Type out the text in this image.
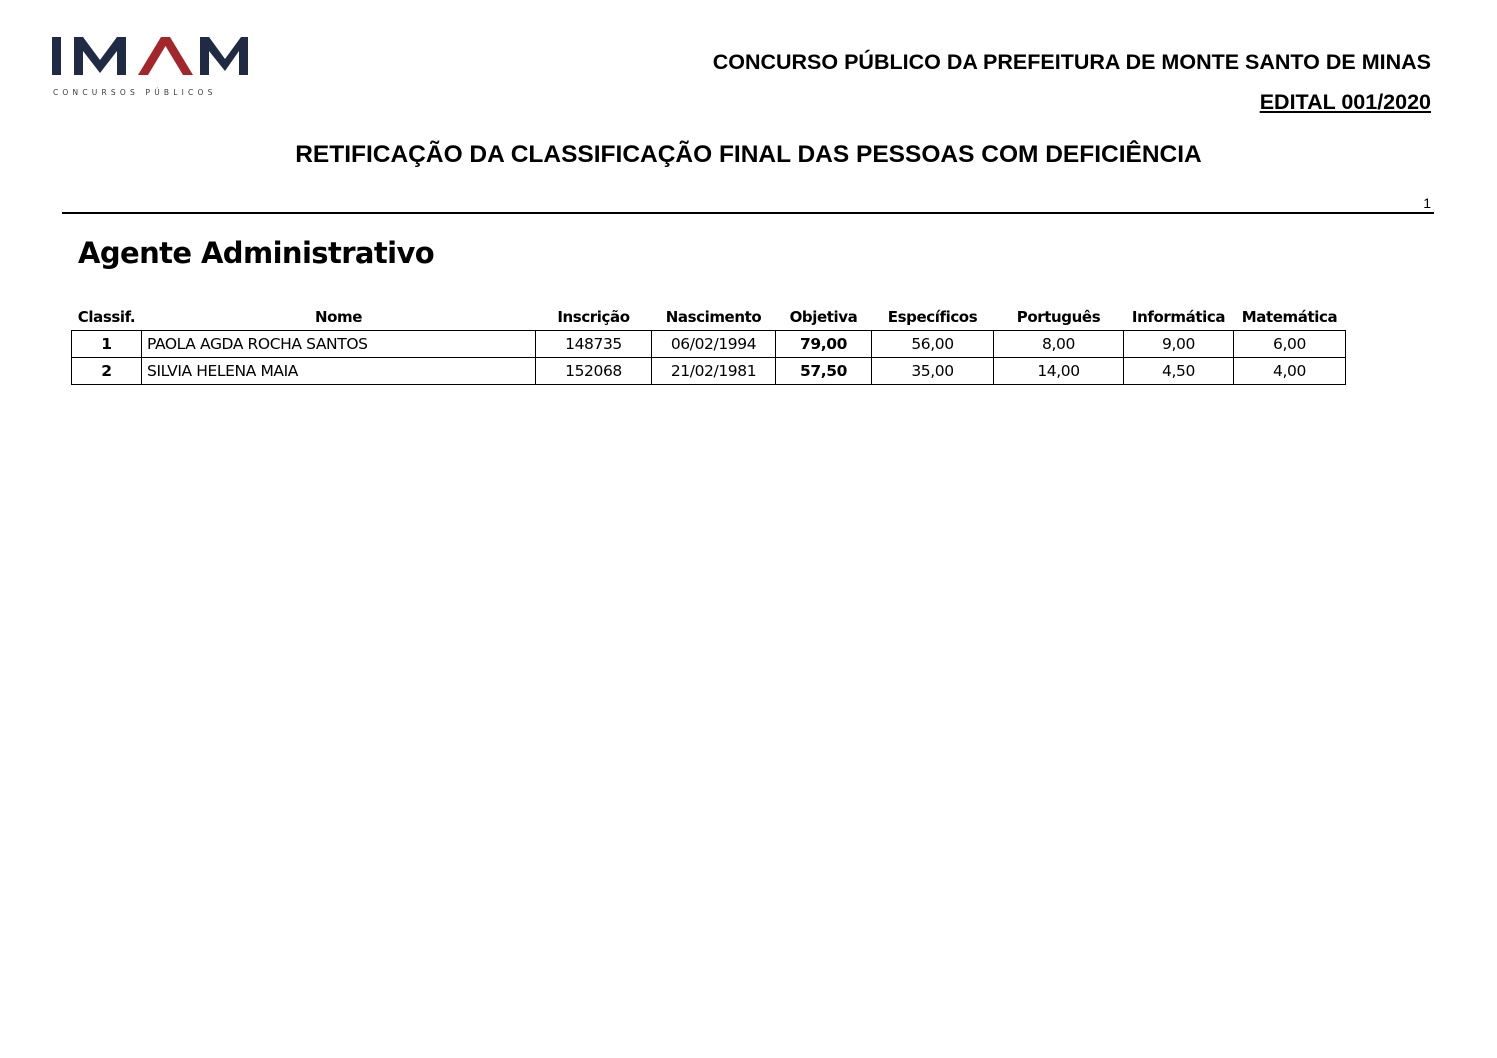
CONCURSOS PÚBLICOS
CONCURSO PÚBLICO DA PREFEITURA DE MONTE SANTO DE MINAS
EDITAL 001/2020
RETIFICAÇÃO DA CLASSIFICAÇÃO FINAL DAS PESSOAS COM DEFICIÊNCIA
1
Agente Administrativo
Classif.	Nome	Inscrição	Nascimento	Objetiva	Específicos	Português	Informática	Matemática
1	PAOLA AGDA ROCHA SANTOS	148735	06/02/1994	79,00	56,00	8,00	9,00	6,00
2	SILVIA HELENA MAIA	152068	21/02/1981	57,50	35,00	14,00	4,50	4,00
